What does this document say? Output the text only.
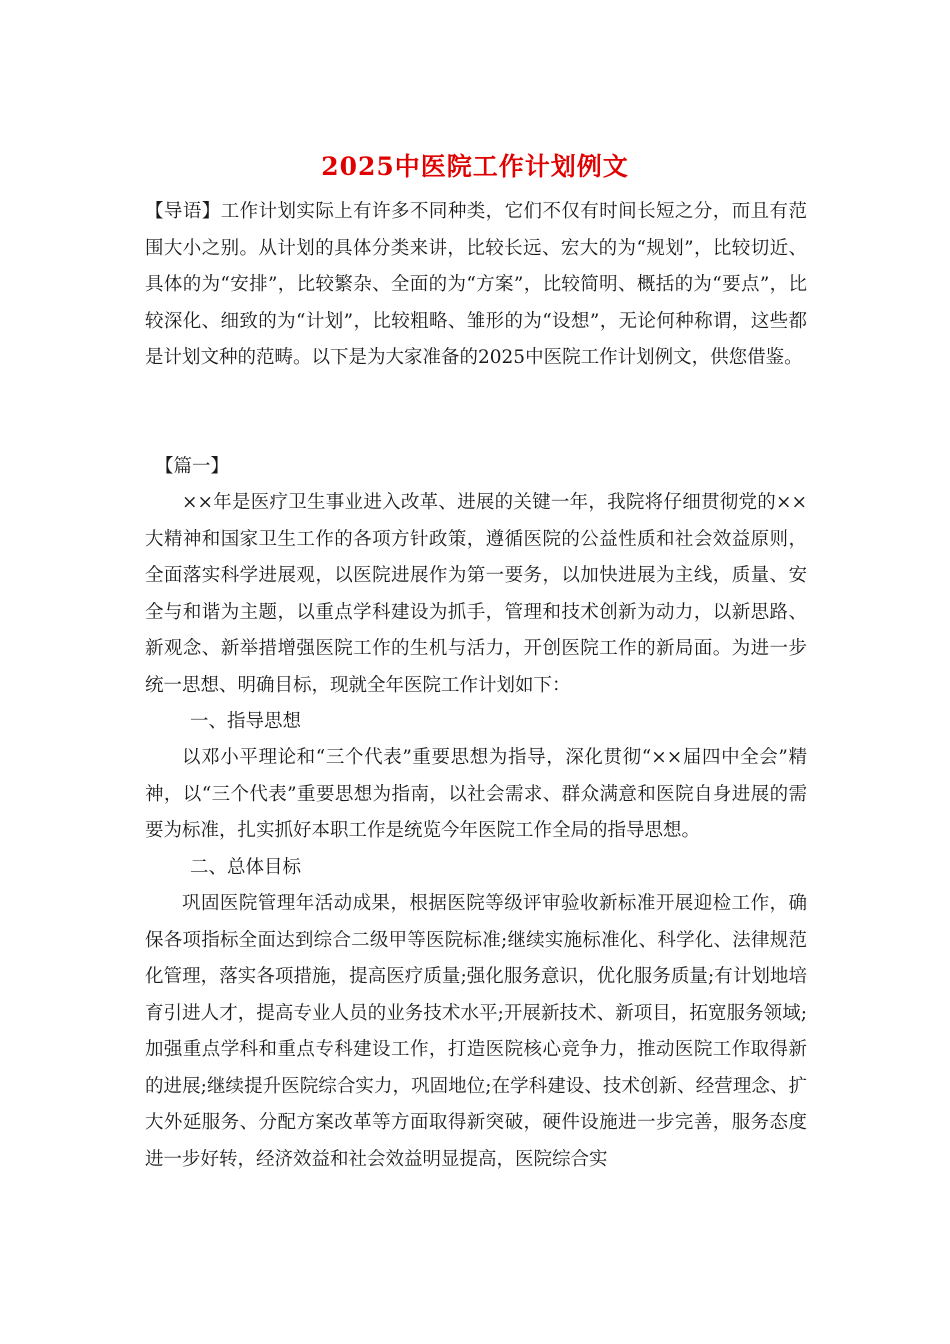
2025中医院工作计划例文

【导语】工作计划实际上有许多不同种类，它们不仅有时间长短之分，而且有范围大小之别。从计划的具体分类来讲，比较长远、宏大的为“规划”，比较切近、具体的为“安排”，比较繁杂、全面的为“方案”，比较简明、概括的为“要点”，比较深化、细致的为“计划”，比较粗略、雏形的为“设想”，无论何种称谓，这些都是计划文种的范畴。以下是为大家准备的2025中医院工作计划例文，供您借鉴。

【篇一】

××年是医疗卫生事业进入改革、进展的关键一年，我院将仔细贯彻党的××大精神和国家卫生工作的各项方针政策，遵循医院的公益性质和社会效益原则，全面落实科学进展观，以医院进展作为第一要务，以加快进展为主线，质量、安全与和谐为主题，以重点学科建设为抓手，管理和技术创新为动力，以新思路、新观念、新举措增强医院工作的生机与活力，开创医院工作的新局面。为进一步统一思想、明确目标，现就全年医院工作计划如下：

一、指导思想

以邓小平理论和“三个代表”重要思想为指导，深化贯彻“××届四中全会”精神，以“三个代表”重要思想为指南，以社会需求、群众满意和医院自身进展的需要为标准，扎实抓好本职工作是统览今年医院工作全局的指导思想。

二、总体目标

巩固医院管理年活动成果，根据医院等级评审验收新标准开展迎检工作，确保各项指标全面达到综合二级甲等医院标准;继续实施标准化、科学化、法律规范化管理，落实各项措施，提高医疗质量;强化服务意识，优化服务质量;有计划地培育引进人才，提高专业人员的业务技术水平;开展新技术、新项目，拓宽服务领域;加强重点学科和重点专科建设工作，打造医院核心竞争力，推动医院工作取得新的进展;继续提升医院综合实力，巩固地位;在学科建设、技术创新、经营理念、扩大外延服务、分配方案改革等方面取得新突破，硬件设施进一步完善，服务态度进一步好转，经济效益和社会效益明显提高，医院综合实
